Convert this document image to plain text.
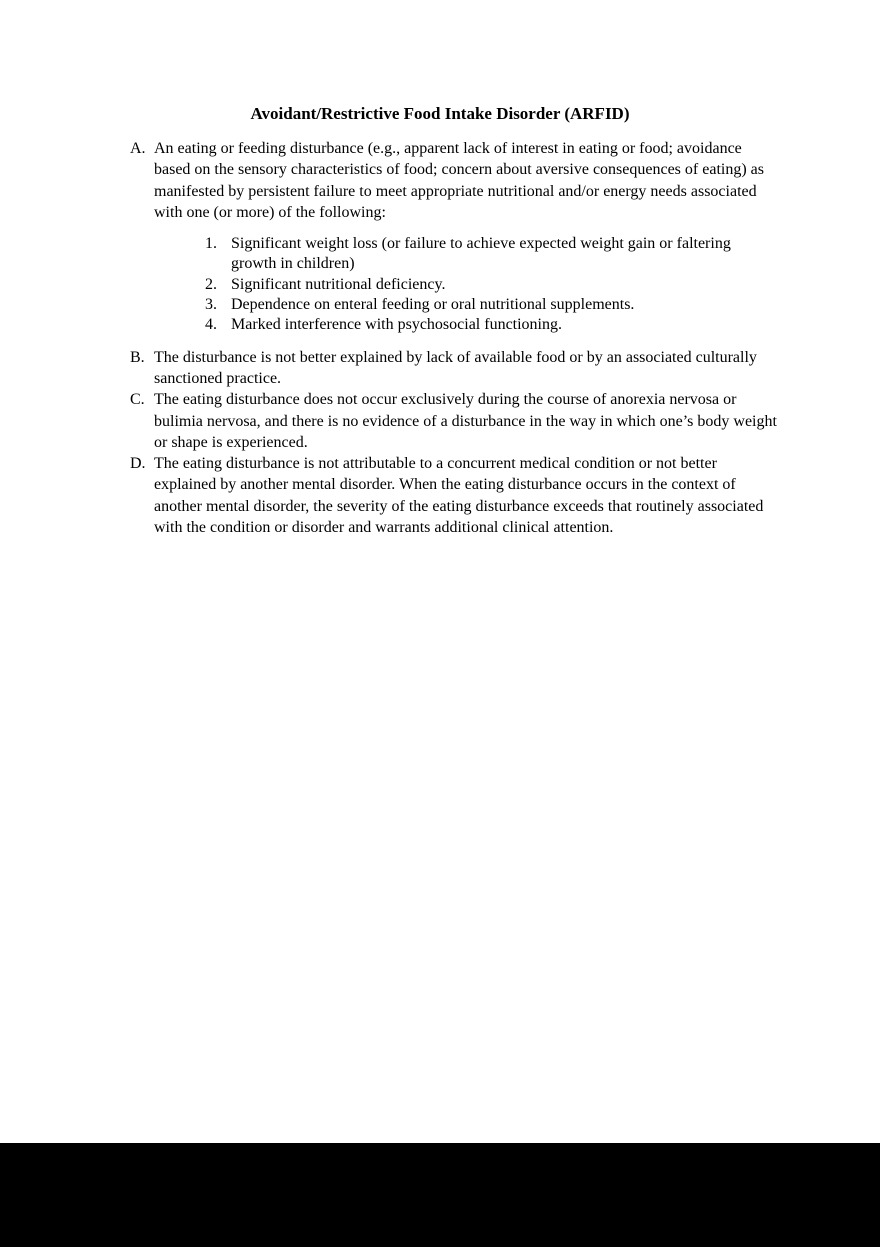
Avoidant/Restrictive Food Intake Disorder (ARFID)
A. An eating or feeding disturbance (e.g., apparent lack of interest in eating or food; avoidance based on the sensory characteristics of food; concern about aversive consequences of eating) as manifested by persistent failure to meet appropriate nutritional and/or energy needs associated with one (or more) of the following:
1. Significant weight loss (or failure to achieve expected weight gain or faltering growth in children)
2. Significant nutritional deficiency.
3. Dependence on enteral feeding or oral nutritional supplements.
4. Marked interference with psychosocial functioning.
B. The disturbance is not better explained by lack of available food or by an associated culturally sanctioned practice.
C. The eating disturbance does not occur exclusively during the course of anorexia nervosa or bulimia nervosa, and there is no evidence of a disturbance in the way in which one’s body weight or shape is experienced.
D. The eating disturbance is not attributable to a concurrent medical condition or not better explained by another mental disorder. When the eating disturbance occurs in the context of another mental disorder, the severity of the eating disturbance exceeds that routinely associated with the condition or disorder and warrants additional clinical attention.
